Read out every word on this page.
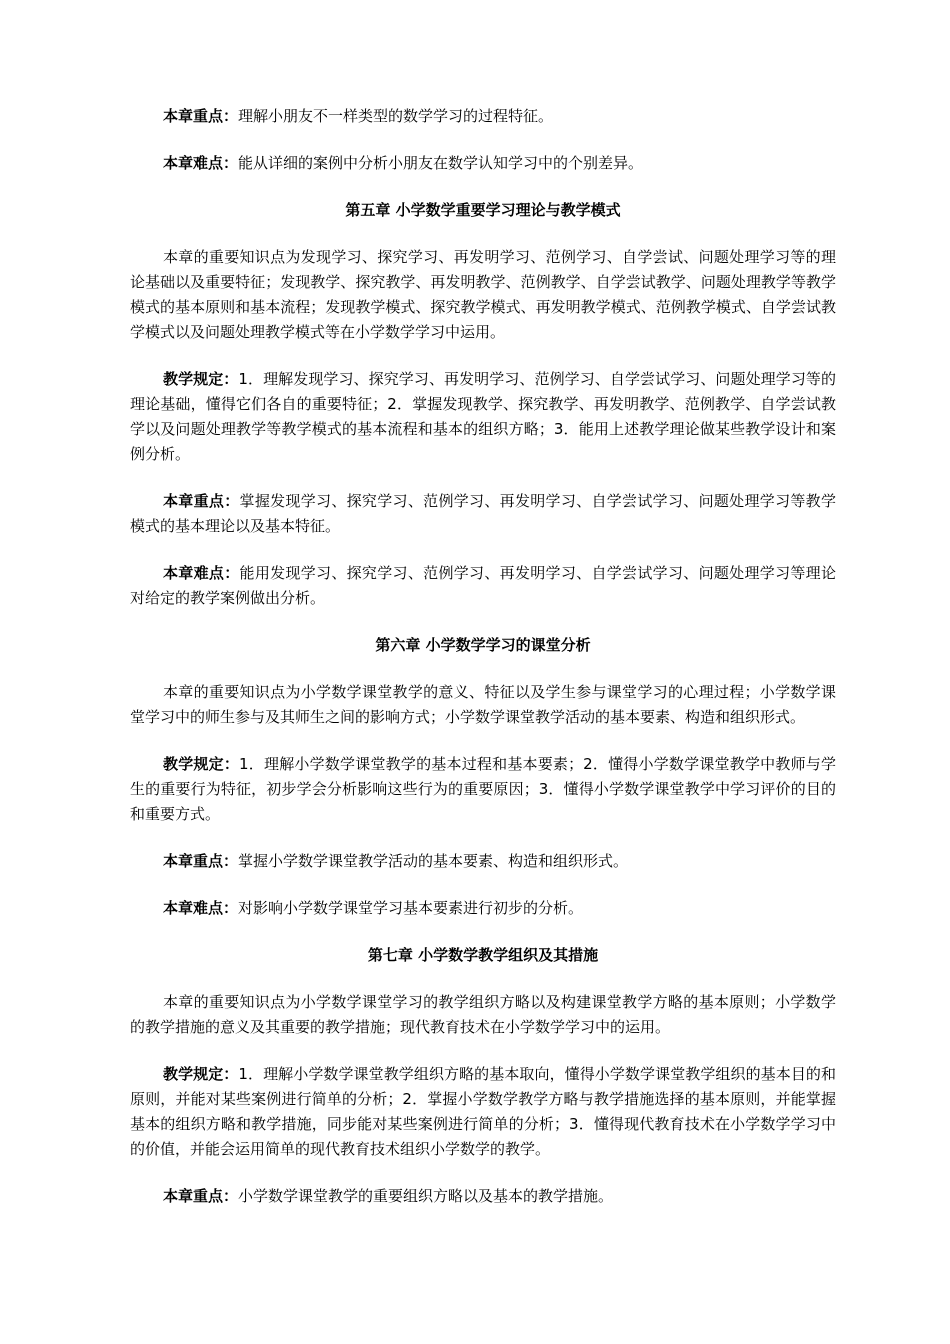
本章重点：理解小朋友不一样类型的数学学习的过程特征。

本章难点：能从详细的案例中分析小朋友在数学认知学习中的个别差异。

第五章 小学数学重要学习理论与教学模式

本章的重要知识点为发现学习、探究学习、再发明学习、范例学习、自学尝试、问题处理学习等的理论基础以及重要特征；发现教学、探究教学、再发明教学、范例教学、自学尝试教学、问题处理教学等教学模式的基本原则和基本流程；发现教学模式、探究教学模式、再发明教学模式、范例教学模式、自学尝试教学模式以及问题处理教学模式等在小学数学学习中运用。

教学规定：1．理解发现学习、探究学习、再发明学习、范例学习、自学尝试学习、问题处理学习等的理论基础，懂得它们各自的重要特征；2．掌握发现教学、探究教学、再发明教学、范例教学、自学尝试教学以及问题处理教学等教学模式的基本流程和基本的组织方略；3．能用上述教学理论做某些教学设计和案例分析。

本章重点：掌握发现学习、探究学习、范例学习、再发明学习、自学尝试学习、问题处理学习等教学模式的基本理论以及基本特征。

本章难点：能用发现学习、探究学习、范例学习、再发明学习、自学尝试学习、问题处理学习等理论对给定的教学案例做出分析。

第六章 小学数学学习的课堂分析

本章的重要知识点为小学数学课堂教学的意义、特征以及学生参与课堂学习的心理过程；小学数学课堂学习中的师生参与及其师生之间的影响方式；小学数学课堂教学活动的基本要素、构造和组织形式。

教学规定：1．理解小学数学课堂教学的基本过程和基本要素；2．懂得小学数学课堂教学中教师与学生的重要行为特征，初步学会分析影响这些行为的重要原因；3．懂得小学数学课堂教学中学习评价的目的和重要方式。

本章重点：掌握小学数学课堂教学活动的基本要素、构造和组织形式。

本章难点：对影响小学数学课堂学习基本要素进行初步的分析。

第七章 小学数学教学组织及其措施

本章的重要知识点为小学数学课堂学习的教学组织方略以及构建课堂教学方略的基本原则；小学数学的教学措施的意义及其重要的教学措施；现代教育技术在小学数学学习中的运用。

教学规定：1．理解小学数学课堂教学组织方略的基本取向，懂得小学数学课堂教学组织的基本目的和原则，并能对某些案例进行简单的分析；2．掌握小学数学教学方略与教学措施选择的基本原则，并能掌握基本的组织方略和教学措施，同步能对某些案例进行简单的分析；3．懂得现代教育技术在小学数学学习中的价值，并能会运用简单的现代教育技术组织小学数学的教学。

本章重点：小学数学课堂教学的重要组织方略以及基本的教学措施。
